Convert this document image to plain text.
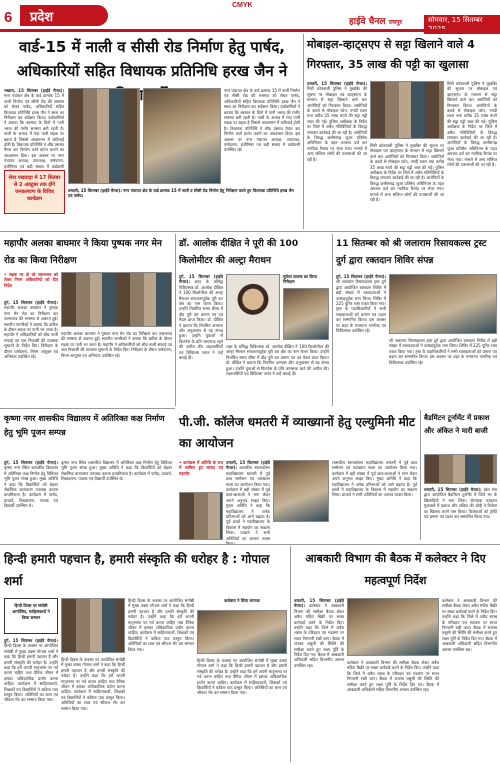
6	प्रदेश
CMYK
हाईवे चैनल रायपुर	सोमवार, 15 सितम्बर
वार्ड-15 में नाली व सीसी रोड निर्माण हेतु पार्षद, अधिकारियों सहित विधायक प्रतिनिधि हरख जैन ने
भखारा, 15 सितम्बर (हाईवे चैनल)। नगर पंचायत क्षेत्र के वार्ड क्रमांक 15 में नाली निर्माण एवं सीसी रोड की समस्या को लेकर पार्षद, अधिकारियों सहित विधायक प्रतिनिधि हरख जैन ने स्थल का निरीक्षण कर सर्वेक्षण किया। वार्डवासियों ने बताया कि बरसात के दिनों में पानी भराव की गंभीर समस्या बनी रहती है। नाली के अभाव में गंदा पानी सड़क पर बहता है जिससे आवागमन में कठिनाई होती है। विधायक प्रतिनिधि ने शीघ्र प्रस्ताव तैयार कर निर्माण कार्य प्रारंभ कराने का आश्वासन दिया। इस अवसर पर नगर पंचायत अध्यक्ष, उपाध्यक्ष, पार्षदगण, इंजीनियर एवं बड़ी संख्या में वार्डवासी
सेवा पखवाड़ा में 17 सितंबर से 2 अक्टूबर तक होंगे जनकल्याण के विविध कार्यक्रम
नगर पंचायत क्षेत्र के वार्ड क्रमांक 15 में नाली निर्माण एवं सीसी रोड की समस्या को लेकर पार्षद, अधिकारियों सहित विधायक प्रतिनिधि हरख जैन ने स्थल का निरीक्षण कर सर्वेक्षण किया। वार्डवासियों ने बताया कि बरसात के दिनों में पानी भराव की गंभीर समस्या बनी रहती है। नाली के अभाव में गंदा पानी सड़क पर बहता है जिससे आवागमन में कठिनाई होती है। विधायक प्रतिनिधि ने शीघ्र प्रस्ताव तैयार कर निर्माण कार्य प्रारंभ कराने का आश्वासन दिया। इस अवसर पर नगर पंचायत अध्यक्ष, उपाध्यक्ष, पार्षदगण, इंजीनियर एवं बड़ी संख्या में वार्डवासी उपस्थित रहे।
धमतरी, 15 सितम्बर (हाईवे चैनल)। नगर पंचायत क्षेत्र के वार्ड क्रमांक 15 में नाली व सीसी रोड निर्माण हेतु निरीक्षण करते हुए विधायक प्रतिनिधि हरख जैन एवं पार्षद।
मोबाइल-व्हाट्सएप से सट्टा खिलाने वाले 4 गिरफ्तार, 35 लाख की पट्टी का खुलासा
धमतरी, 15 सितम्बर (हाईवे चैनल)। सिटी कोतवाली पुलिस ने मुखबिर की सूचना पर मोबाइल एवं व्हाट्सएप के माध्यम से सट्टा खिलाने वाले चार आरोपियों को गिरफ्तार किया। आरोपियों के कब्जे से मोबाइल फोन, नगदी रकम तथा करीब 35 लाख रुपये की सट्टा पट्टी जब्त की गई। पुलिस अधीक्षक के निर्देश पर जिले में अवैध गतिविधियों के विरुद्ध लगातार कार्रवाई की जा रही है। आरोपियों के विरुद्ध छत्तीसगढ़ जुआ प्रतिषेध अधिनियम के तहत अपराध दर्ज कर न्यायिक रिमांड पर भेजा गया। मामले में अन्य संलिप्त लोगों की पतासाजी की जा रही है।
सिटी कोतवाली पुलिस ने मुखबिर की सूचना पर मोबाइल एवं व्हाट्सएप के माध्यम से सट्टा खिलाने वाले चार आरोपियों को गिरफ्तार किया। आरोपियों के कब्जे से मोबाइल फोन, नगदी रकम तथा करीब 35 लाख रुपये की सट्टा पट्टी जब्त की गई। पुलिस अधीक्षक के निर्देश पर जिले में अवैध गतिविधियों के विरुद्ध लगातार कार्रवाई की जा रही है। आरोपियों के विरुद्ध छत्तीसगढ़ जुआ प्रतिषेध अधिनियम के तहत अपराध दर्ज कर न्यायिक रिमांड पर भेजा गया। मामले में अन्य संलिप्त लोगों की पतासाजी की जा रही है।
सिटी कोतवाली पुलिस ने मुखबिर की सूचना पर मोबाइल एवं व्हाट्सएप के माध्यम से सट्टा खिलाने वाले चार आरोपियों को गिरफ्तार किया। आरोपियों के कब्जे से मोबाइल फोन, नगदी रकम तथा करीब 35 लाख रुपये की सट्टा पट्टी जब्त की गई। पुलिस अधीक्षक के निर्देश पर जिले में अवैध गतिविधियों के विरुद्ध लगातार कार्रवाई की जा रही है। आरोपियों के विरुद्ध छत्तीसगढ़ जुआ प्रतिषेध अधिनियम के तहत अपराध दर्ज कर न्यायिक रिमांड पर भेजा गया। मामले में अन्य संलिप्त लोगों की पतासाजी की जा रही है।
महापौर अलका बाघमार ने किया पुष्पक नगर मेन रोड का किया निरीक्षण
• सड़क पर हो रहे जलभराव को लेकर निगम अधिकारियों को दिए निर्देश
दुर्ग, 15 सितम्बर (हाईवे चैनल)। महापौर अलका बाघमार ने पुष्पक नगर मेन रोड का निरीक्षण कर जलभराव की समस्या से अवगत हुईं। स्थानीय नागरिकों ने बताया कि बारिश के दौरान सड़क पर पानी भर जाता है। महापौर ने अधिकारियों को शीघ्र नाली सफाई एवं जल निकासी की व्यवस्था सुधारने के निर्देश दिए। निरीक्षण के दौरान पार्षदगण, निगम आयुक्त एवं अभियंता उपस्थित रहे।
महापौर अलका बाघमार ने पुष्पक नगर मेन रोड का निरीक्षण कर जलभराव की समस्या से अवगत हुईं। स्थानीय नागरिकों ने बताया कि बारिश के दौरान सड़क पर पानी भर जाता है। महापौर ने अधिकारियों को शीघ्र नाली सफाई एवं जल निकासी की व्यवस्था सुधारने के निर्देश दिए। निरीक्षण के दौरान पार्षदगण, निगम आयुक्त एवं अभियंता उपस्थित रहे।
डॉ. आलोक दीक्षित ने पूरी की 100 किलोमीटर की अल्ट्रा मैराथन
दुर्ग, 15 सितम्बर (हाईवे चैनल)। शहर के प्रसिद्ध चिकित्सक डॉ. आलोक दीक्षित ने 100 किलोमीटर की अल्ट्रा मैराथन सफलतापूर्वक पूरी कर क्षेत्र का नाम रोशन किया। उन्होंने निर्धारित समय सीमा में दौड़ पूरी कर प्रमाण पत्र एवं मेडल प्राप्त किया। डॉ. दीक्षित ने बताया कि नियमित अभ्यास और अनुशासन से यह संभव हुआ। उन्होंने युवाओं से फिटनेस के प्रति जागरूक रहने की अपील की। शहरवासियों एवं चिकित्सा जगत ने उन्हें बधाई दी।
सुपेला तालाब का किया निरीक्षण
शहर के प्रसिद्ध चिकित्सक डॉ. आलोक दीक्षित ने 100 किलोमीटर की अल्ट्रा मैराथन सफलतापूर्वक पूरी कर क्षेत्र का नाम रोशन किया। उन्होंने निर्धारित समय सीमा में दौड़ पूरी कर प्रमाण पत्र एवं मेडल प्राप्त किया। डॉ. दीक्षित ने बताया कि नियमित अभ्यास और अनुशासन से यह संभव हुआ। उन्होंने युवाओं से फिटनेस के प्रति जागरूक रहने की अपील की। शहरवासियों एवं चिकित्सा जगत ने उन्हें बधाई दी।
11 सितम्बर को श्री जलाराम रिसायकल्स ट्रस्ट दुर्ग द्वारा रक्तदान शिविर संपन्न
दुर्ग, 15 सितम्बर (हाईवे चैनल)। श्री जलाराम रिसायकल्स ट्रस्ट दुर्ग द्वारा आयोजित रक्तदान शिविर में बड़ी संख्या में रक्तदाताओं ने उत्साहपूर्वक भाग लिया। शिविर में 225 यूनिट रक्त एकत्र किया गया। ट्रस्ट के पदाधिकारियों ने सभी रक्तदाताओं को प्रमाण पत्र प्रदान कर सम्मानित किया। इस अवसर पर शहर के गणमान्य नागरिक एवं चिकित्सक उपस्थित रहे।
श्री जलाराम रिसायकल्स ट्रस्ट दुर्ग द्वारा आयोजित रक्तदान शिविर में बड़ी संख्या में रक्तदाताओं ने उत्साहपूर्वक भाग लिया। शिविर में 225 यूनिट रक्त एकत्र किया गया। ट्रस्ट के पदाधिकारियों ने सभी रक्तदाताओं को प्रमाण पत्र प्रदान कर सम्मानित किया। इस अवसर पर शहर के गणमान्य नागरिक एवं चिकित्सक उपस्थित रहे।
कृष्णा नगर शासकीय विद्यालय में अतिरिक्त कक्ष निर्माण हेतु भूमि पूजन सम्पन्न
दुर्ग, 15 सितम्बर (हाईवे चैनल)। कृष्णा नगर स्थित शासकीय विद्यालय में अतिरिक्त कक्ष निर्माण हेतु विधिवत भूमि पूजन संपन्न हुआ। मुख्य अतिथि ने कहा कि विद्यार्थियों को बेहतर शैक्षणिक वातावरण उपलब्ध कराना प्राथमिकता है। कार्यक्रम में पार्षद, प्राचार्य, शिक्षकगण, पालक एवं विद्यार्थी उपस्थित थे।
कृष्णा नगर स्थित शासकीय विद्यालय में अतिरिक्त कक्ष निर्माण हेतु विधिवत भूमि पूजन संपन्न हुआ। मुख्य अतिथि ने कहा कि विद्यार्थियों को बेहतर शैक्षणिक वातावरण उपलब्ध कराना प्राथमिकता है। कार्यक्रम में पार्षद, प्राचार्य, शिक्षकगण, पालक एवं विद्यार्थी उपस्थित थे।
पी.जी. कॉलेज धमतरी में व्याख्यानों हेतु एल्युमिनी मीट का आयोजन
• कार्यक्रम में अतिथि के रूप में शामिल हुए सांसद एवं महापौर
धमतरी, 15 सितम्बर (हाईवे चैनल)। शासकीय स्नातकोत्तर महाविद्यालय धमतरी में पूर्व छात्र सम्मेलन एवं व्याख्यान माला का आयोजन किया गया। कार्यक्रम में बड़ी संख्या में पूर्व छात्र-छात्राओं ने भाग लेकर अपने अनुभव साझा किए। मुख्य अतिथि ने कहा कि महाविद्यालय ने अनेक प्रतिभाओं को आगे बढ़ाया है। पूर्व छात्रों ने महाविद्यालय के विकास में सहयोग का संकल्प लिया। प्राचार्य ने सभी अतिथियों का आभार व्यक्त
शासकीय स्नातकोत्तर महाविद्यालय धमतरी में पूर्व छात्र सम्मेलन एवं व्याख्यान माला का आयोजन किया गया। कार्यक्रम में बड़ी संख्या में पूर्व छात्र-छात्राओं ने भाग लेकर अपने अनुभव साझा किए। मुख्य अतिथि ने कहा कि महाविद्यालय ने अनेक प्रतिभाओं को आगे बढ़ाया है। पूर्व छात्रों ने महाविद्यालय के विकास में सहयोग का संकल्प लिया। प्राचार्य ने सभी अतिथियों का आभार व्यक्त किया।
बैडमिंटन टूर्नामेंट में प्रकाश और अंकित ने मारी बाजी
धमतरी, 15 सितम्बर (हाईवे चैनल)। खेल संघ द्वारा आयोजित बैडमिंटन टूर्नामेंट में जिले भर के खिलाड़ियों ने भाग लिया। रोमांचक फाइनल मुकाबले में प्रकाश और अंकित की जोड़ी ने विजेता का खिताब अपने नाम किया। विजेताओं को ट्रॉफी एवं प्रमाण पत्र प्रदान कर सम्मानित किया गया।
हिन्दी हमारी पहचान है, हमारी संस्कृति की धरोहर है : गोपाल शर्मा
हिन्दी दिवस पर संगोष्ठी आयोजित, साहित्यकारों ने किया सम्मान
दुर्ग, 15 सितम्बर (हाईवे चैनल)। हिन्दी दिवस के अवसर पर आयोजित संगोष्ठी में मुख्य वक्ता गोपाल शर्मा ने कहा कि हिन्दी हमारी पहचान है और हमारी संस्कृति की धरोहर है। उन्होंने कहा कि हमें अपनी मातृभाषा पर गर्व करना चाहिए तथा दैनिक जीवन में इसका अधिकाधिक प्रयोग करना चाहिए। कार्यक्रम में साहित्यकारों, शिक्षकों एवं विद्यार्थियों ने कविता पाठ प्रस्तुत किया। अतिथियों का शाल एवं श्रीफल भेंट कर सम्मान किया गया।
हिन्दी दिवस के अवसर पर आयोजित संगोष्ठी में मुख्य वक्ता गोपाल शर्मा ने कहा कि हिन्दी हमारी पहचान है और हमारी संस्कृति की धरोहर है। उन्होंने कहा कि हमें अपनी मातृभाषा पर गर्व करना चाहिए तथा दैनिक जीवन में इसका अधिकाधिक प्रयोग करना चाहिए। कार्यक्रम में साहित्यकारों, शिक्षकों एवं विद्यार्थियों ने कविता पाठ प्रस्तुत किया। अतिथियों का शाल एवं श्रीफल भेंट कर सम्मान किया गया।
हिन्दी दिवस के अवसर पर आयोजित संगोष्ठी में मुख्य वक्ता गोपाल शर्मा ने कहा कि हिन्दी हमारी पहचान है और हमारी संस्कृति की धरोहर है। उन्होंने कहा कि हमें अपनी मातृभाषा पर गर्व करना चाहिए तथा दैनिक जीवन में इसका अधिकाधिक प्रयोग करना चाहिए। कार्यक्रम में साहित्यकारों, शिक्षकों एवं विद्यार्थियों ने कविता पाठ प्रस्तुत किया। अतिथियों का शाल एवं श्रीफल भेंट कर सम्मान किया गया।
कलेक्टर ने लिया जायजा
हिन्दी दिवस के अवसर पर आयोजित संगोष्ठी में मुख्य वक्ता गोपाल शर्मा ने कहा कि हिन्दी हमारी पहचान है और हमारी संस्कृति की धरोहर है। उन्होंने कहा कि हमें अपनी मातृभाषा पर गर्व करना चाहिए तथा दैनिक जीवन में इसका अधिकाधिक प्रयोग करना चाहिए। कार्यक्रम में साहित्यकारों, शिक्षकों एवं विद्यार्थियों ने कविता पाठ प्रस्तुत किया। अतिथियों का शाल एवं श्रीफल भेंट कर सम्मान किया गया।
आबकारी विभाग की बैठक में कलेक्टर ने दिए महत्वपूर्ण निर्देश
धमतरी, 15 सितम्बर (हाईवे चैनल)। कलेक्टर ने आबकारी विभाग की समीक्षा बैठक लेकर अवैध मदिरा बिक्री पर सख्त कार्रवाई करने के निर्देश दिए। उन्होंने कहा कि जिले में अवैध शराब के परिवहन एवं भंडारण पर सतत निगरानी रखी जाए। बैठक में राजस्व वसूली की स्थिति की समीक्षा करते हुए लक्ष्य पूर्ति के निर्देश दिए गए। बैठक में आबकारी अधिकारी सहित विभागीय अमला उपस्थित रहा।
कलेक्टर ने आबकारी विभाग की समीक्षा बैठक लेकर अवैध मदिरा बिक्री पर सख्त कार्रवाई करने के निर्देश दिए। उन्होंने कहा कि जिले में अवैध शराब के परिवहन एवं भंडारण पर सतत निगरानी रखी जाए। बैठक में राजस्व वसूली की स्थिति की समीक्षा करते हुए लक्ष्य पूर्ति के निर्देश दिए गए। बैठक में आबकारी अधिकारी सहित विभागीय अमला उपस्थित रहा।
कलेक्टर ने आबकारी विभाग की समीक्षा बैठक लेकर अवैध मदिरा बिक्री पर सख्त कार्रवाई करने के निर्देश दिए। उन्होंने कहा कि जिले में अवैध शराब के परिवहन एवं भंडारण पर सतत निगरानी रखी जाए। बैठक में राजस्व वसूली की स्थिति की समीक्षा करते हुए लक्ष्य पूर्ति के निर्देश दिए गए। बैठक में आबकारी अधिकारी सहित विभागीय अमला उपस्थित रहा।
